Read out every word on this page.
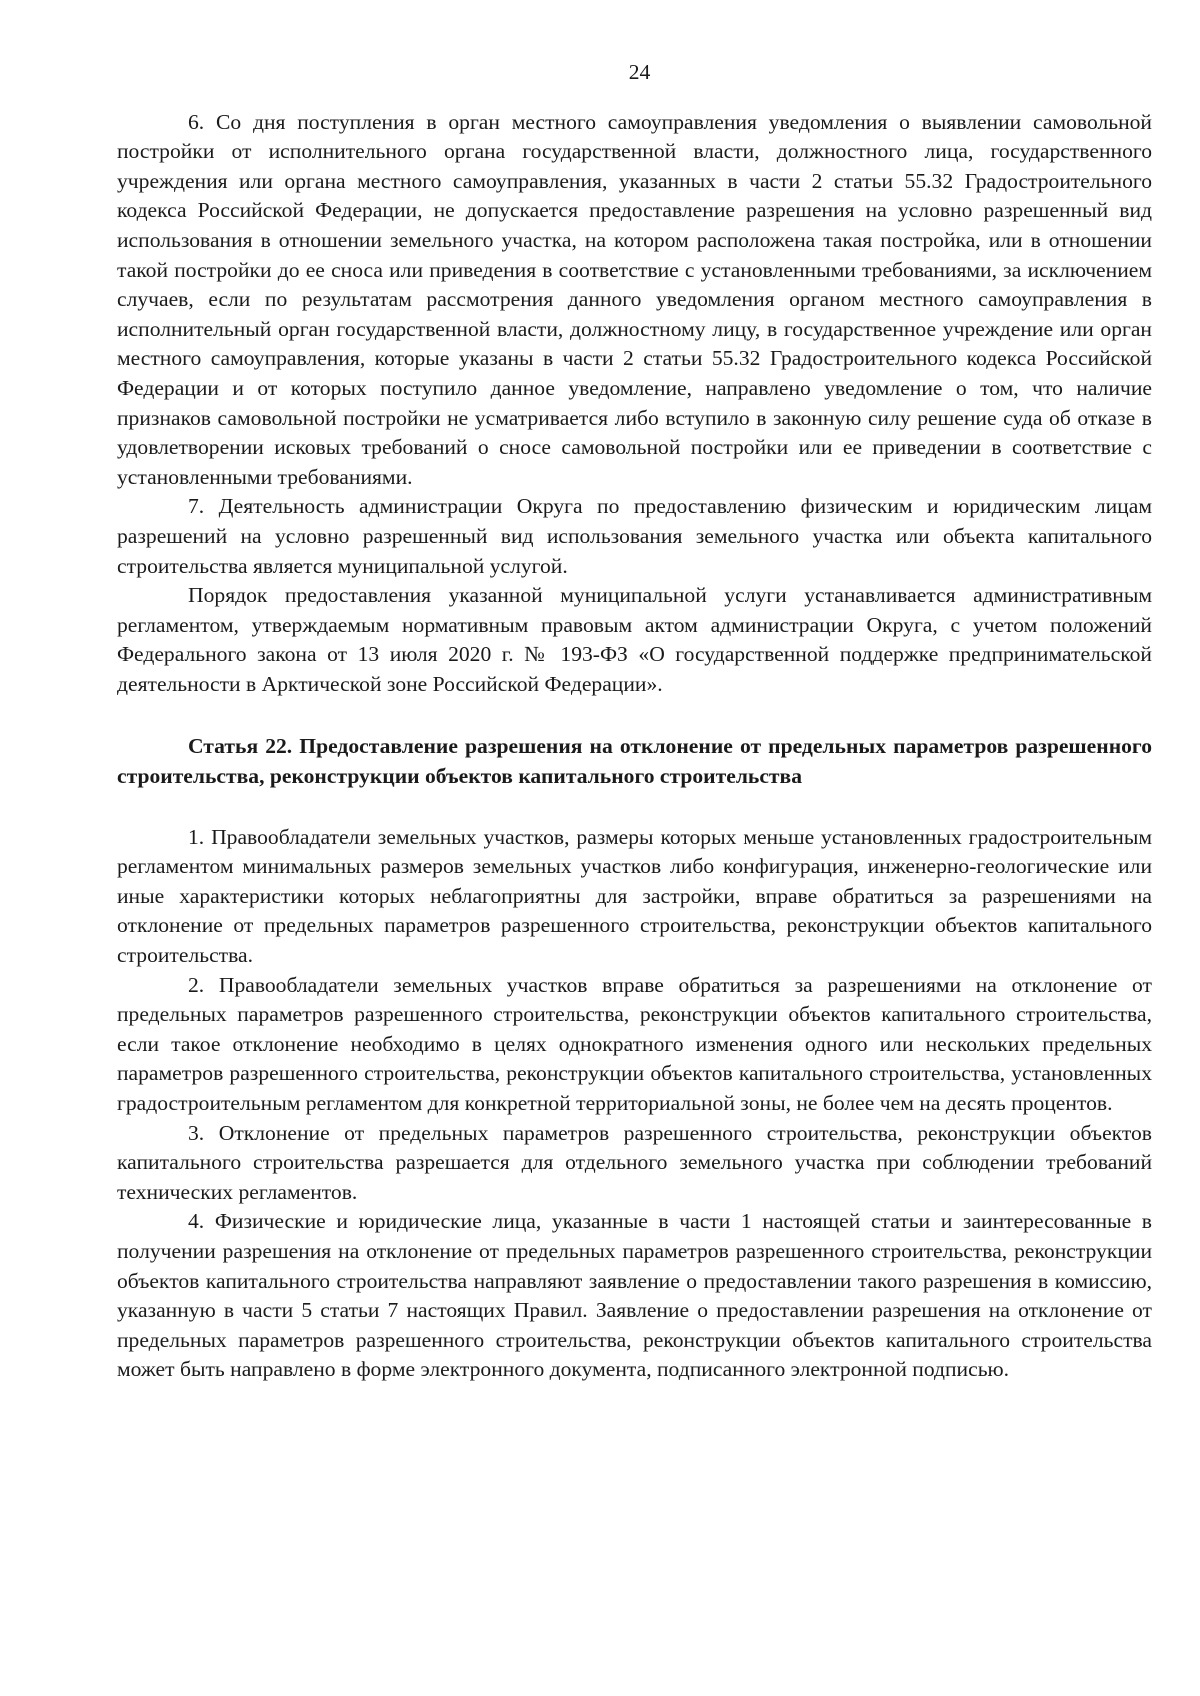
24

6. Со дня поступления в орган местного самоуправления уведомления о выявлении самовольной постройки от исполнительного органа государственной власти, должностного лица, государственного учреждения или органа местного самоуправления, указанных в части 2 статьи 55.32 Градостроительного кодекса Российской Федерации, не допускается предоставление разрешения на условно разрешенный вид использования в отношении земельного участка, на котором расположена такая постройка, или в отношении такой постройки до ее сноса или приведения в соответствие с установленными требованиями, за исключением случаев, если по результатам рассмотрения данного уведомления органом местного самоуправления в исполнительный орган государственной власти, должностному лицу, в государственное учреждение или орган местного самоуправления, которые указаны в части 2 статьи 55.32 Градостроительного кодекса Российской Федерации и от которых поступило данное уведомление, направлено уведомление о том, что наличие признаков самовольной постройки не усматривается либо вступило в законную силу решение суда об отказе в удовлетворении исковых требований о сносе самовольной постройки или ее приведении в соответствие с установленными требованиями.

7. Деятельность администрации Округа по предоставлению физическим и юридическим лицам разрешений на условно разрешенный вид использования земельного участка или объекта капитального строительства является муниципальной услугой.

Порядок предоставления указанной муниципальной услуги устанавливается административным регламентом, утверждаемым нормативным правовым актом администрации Округа, с учетом положений Федерального закона от 13 июля 2020 г. № 193-ФЗ «О государственной поддержке предпринимательской деятельности в Арктической зоне Российской Федерации».

Статья 22. Предоставление разрешения на отклонение от предельных параметров разрешенного строительства, реконструкции объектов капитального строительства

1. Правообладатели земельных участков, размеры которых меньше установленных градостроительным регламентом минимальных размеров земельных участков либо конфигурация, инженерно-геологические или иные характеристики которых неблагоприятны для застройки, вправе обратиться за разрешениями на отклонение от предельных параметров разрешенного строительства, реконструкции объектов капитального строительства.

2. Правообладатели земельных участков вправе обратиться за разрешениями на отклонение от предельных параметров разрешенного строительства, реконструкции объектов капитального строительства, если такое отклонение необходимо в целях однократного изменения одного или нескольких предельных параметров разрешенного строительства, реконструкции объектов капитального строительства, установленных градостроительным регламентом для конкретной территориальной зоны, не более чем на десять процентов.

3. Отклонение от предельных параметров разрешенного строительства, реконструкции объектов капитального строительства разрешается для отдельного земельного участка при соблюдении требований технических регламентов.

4. Физические и юридические лица, указанные в части 1 настоящей статьи и заинтересованные в получении разрешения на отклонение от предельных параметров разрешенного строительства, реконструкции объектов капитального строительства направляют заявление о предоставлении такого разрешения в комиссию, указанную в части 5 статьи 7 настоящих Правил. Заявление о предоставлении разрешения на отклонение от предельных параметров разрешенного строительства, реконструкции объектов капитального строительства может быть направлено в форме электронного документа, подписанного электронной подписью.
